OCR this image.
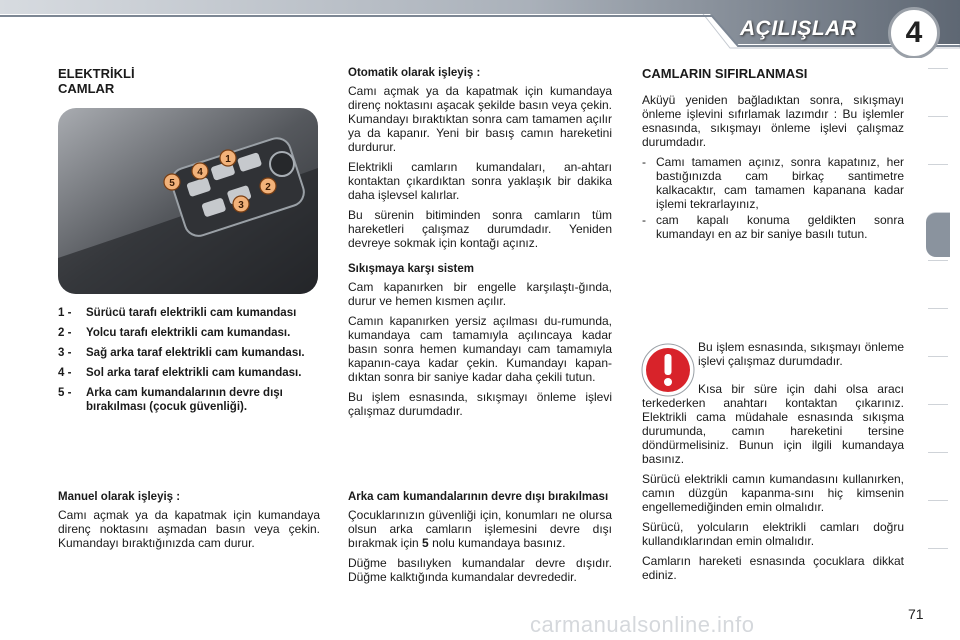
AÇILIŞLAR	4
ELEKTRİKLİ
CAMLAR
1
2
3
4
5
1 -	Sürücü tarafı elektrikli cam kumandası
2 -	Yolcu tarafı elektrikli cam kumandası.
3 -	Sağ arka taraf elektrikli cam kumandası.
4 -	Sol arka taraf elektrikli cam kumandası.
5 -	Arka cam kumandalarının devre dışı bırakılması (çocuk güvenliği).
Manuel olarak işleyiş :

Camı açmak ya da kapatmak için kumandaya direnç noktasını aşmadan basın veya çekin. Kumandayı bıraktığınızda cam durur.

Otomatik olarak işleyiş :

Camı açmak ya da kapatmak için kumandaya direnç noktasını aşacak şekilde basın veya çekin. Kumandayı bıraktıktan sonra cam tamamen açılır ya da kapanır. Yeni bir basış camın hareketini durdurur.

Elektrikli camların kumandaları, an-ahtarı kontaktan çıkardıktan sonra yaklaşık bir dakika daha işlevsel kalırlar.

Bu sürenin bitiminden sonra camların tüm hareketleri çalışmaz durumdadır. Yeniden devreye sokmak için kontağı açınız.

Sıkışmaya karşı sistem

Cam kapanırken bir engelle karşılaştı-ğında, durur ve hemen kısmen açılır.

Camın kapanırken yersiz açılması du-rumunda, kumandaya cam tamamıyla açılıncaya kadar basın sonra hemen kumandayı cam tamamıyla kapanın-caya kadar çekin. Kumandayı kapan-dıktan sonra bir saniye kadar daha çekili tutun.

Bu işlem esnasında, sıkışmayı önleme işlevi çalışmaz durumdadır.

Arka cam kumandalarının devre dışı bırakılması

Çocuklarınızın güvenliği için, konumları ne olursa olsun arka camların işlemesini devre dışı bırakmak için 5 nolu kumandaya basınız.

Düğme basılıyken kumandalar devre dışıdır. Düğme kalktığında kumandalar devrededir.

CAMLARIN SIFIRLANMASI

Aküyü yeniden bağladıktan sonra, sıkışmayı önleme işlevini sıfırlamak lazımdır : Bu işlemler esnasında, sıkışmayı önleme işlevi çalışmaz durumdadır.

- Camı tamamen açınız, sonra kapatınız, her bastığınızda cam birkaç santimetre kalkacaktır, cam tamamen kapanana kadar işlemi tekrarlayınız,
- cam kapalı konuma geldikten sonra kumandayı en az bir saniye basılı tutun.

Bu işlem esnasında, sıkışmayı önleme işlevi çalışmaz durumdadır.

Kısa bir süre için dahi olsa aracı terkederken anahtarı kontaktan çıkarınız. Elektrikli cama müdahale esnasında sıkışma durumunda, camın hareketini tersine döndürmelisiniz. Bunun için ilgili kumandaya basınız.

Sürücü elektrikli camın kumandasını kullanırken, camın düzgün kapanma-sını hiç kimsenin engellemediğinden emin olmalıdır.

Sürücü, yolcuların elektrikli camları doğru kullandıklarından emin olmalıdır.

Camların hareketi esnasında çocuklara dikkat ediniz.

carmanualsonline.info	71
